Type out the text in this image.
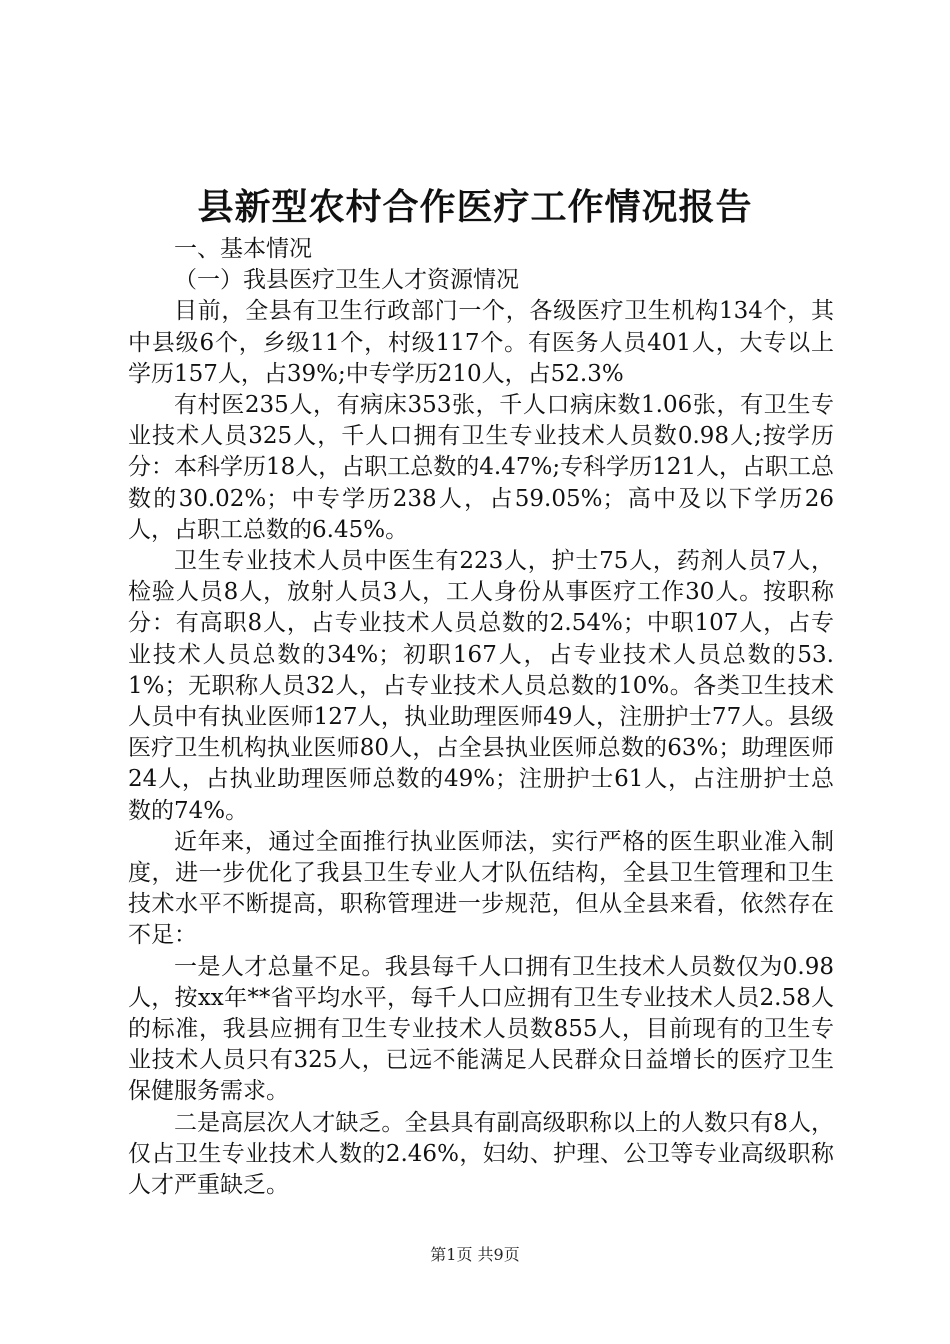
县新型农村合作医疗工作情况报告

一、基本情况

（一）我县医疗卫生人才资源情况

目前，全县有卫生行政部门一个，各级医疗卫生机构134个，其中县级6个，乡级11个，村级117个。有医务人员401人，大专以上学历157人，占39%;中专学历210人，占52.3%

有村医235人，有病床353张，千人口病床数1.06张，有卫生专业技术人员325人，千人口拥有卫生专业技术人员数0.98人;按学历分：本科学历18人，占职工总数的4.47%;专科学历121人，占职工总数的30.02%；中专学历238人，占59.05%；高中及以下学历26人，占职工总数的6.45%。

卫生专业技术人员中医生有223人，护士75人，药剂人员7人，检验人员8人，放射人员3人，工人身份从事医疗工作30人。按职称分：有高职8人，占专业技术人员总数的2.54%；中职107人，占专业技术人员总数的34%；初职167人，占专业技术人员总数的53.1%；无职称人员32人，占专业技术人员总数的10%。各类卫生技术人员中有执业医师127人，执业助理医师49人，注册护士77人。县级医疗卫生机构执业医师80人，占全县执业医师总数的63%；助理医师24人，占执业助理医师总数的49%；注册护士61人，占注册护士总数的74%。

近年来，通过全面推行执业医师法，实行严格的医生职业准入制度，进一步优化了我县卫生专业人才队伍结构，全县卫生管理和卫生技术水平不断提高，职称管理进一步规范，但从全县来看，依然存在不足：

一是人才总量不足。我县每千人口拥有卫生技术人员数仅为0.98人，按xx年**省平均水平，每千人口应拥有卫生专业技术人员2.58人的标准，我县应拥有卫生专业技术人员数855人，目前现有的卫生专业技术人员只有325人，已远不能满足人民群众日益增长的医疗卫生保健服务需求。

二是高层次人才缺乏。全县具有副高级职称以上的人数只有8人，仅占卫生专业技术人数的2.46%，妇幼、护理、公卫等专业高级职称人才严重缺乏。

第1页 共9页
